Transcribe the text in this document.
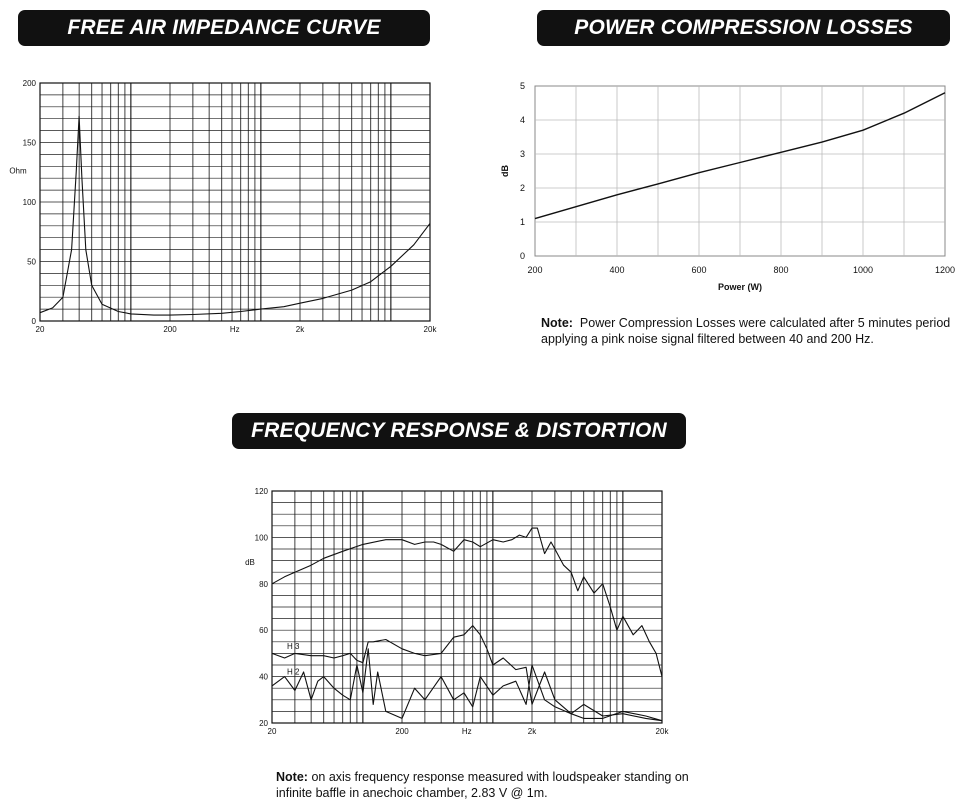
FREE AIR IMPEDANCE CURVE	POWER COMPRESSION LOSSES
FREQUENCY RESPONSE & DISTORTION
0
50
100
150
200
20	200	2k	20k
Hz
Ohm
200	400	600	800	1000	1200
0
1
2
3
4
5
Power (W)
dB
20
40
60
80
100
120
20	200	2k	20k
Hz
dB
H 3
H 2
Note: Power Compression Losses were calculated after 5 minutes period applying a pink noise signal filtered between 40 and 200 Hz.
Note: on axis frequency response measured with loudspeaker standing on infinite baffle in anechoic chamber, 2.83 V @ 1m.
